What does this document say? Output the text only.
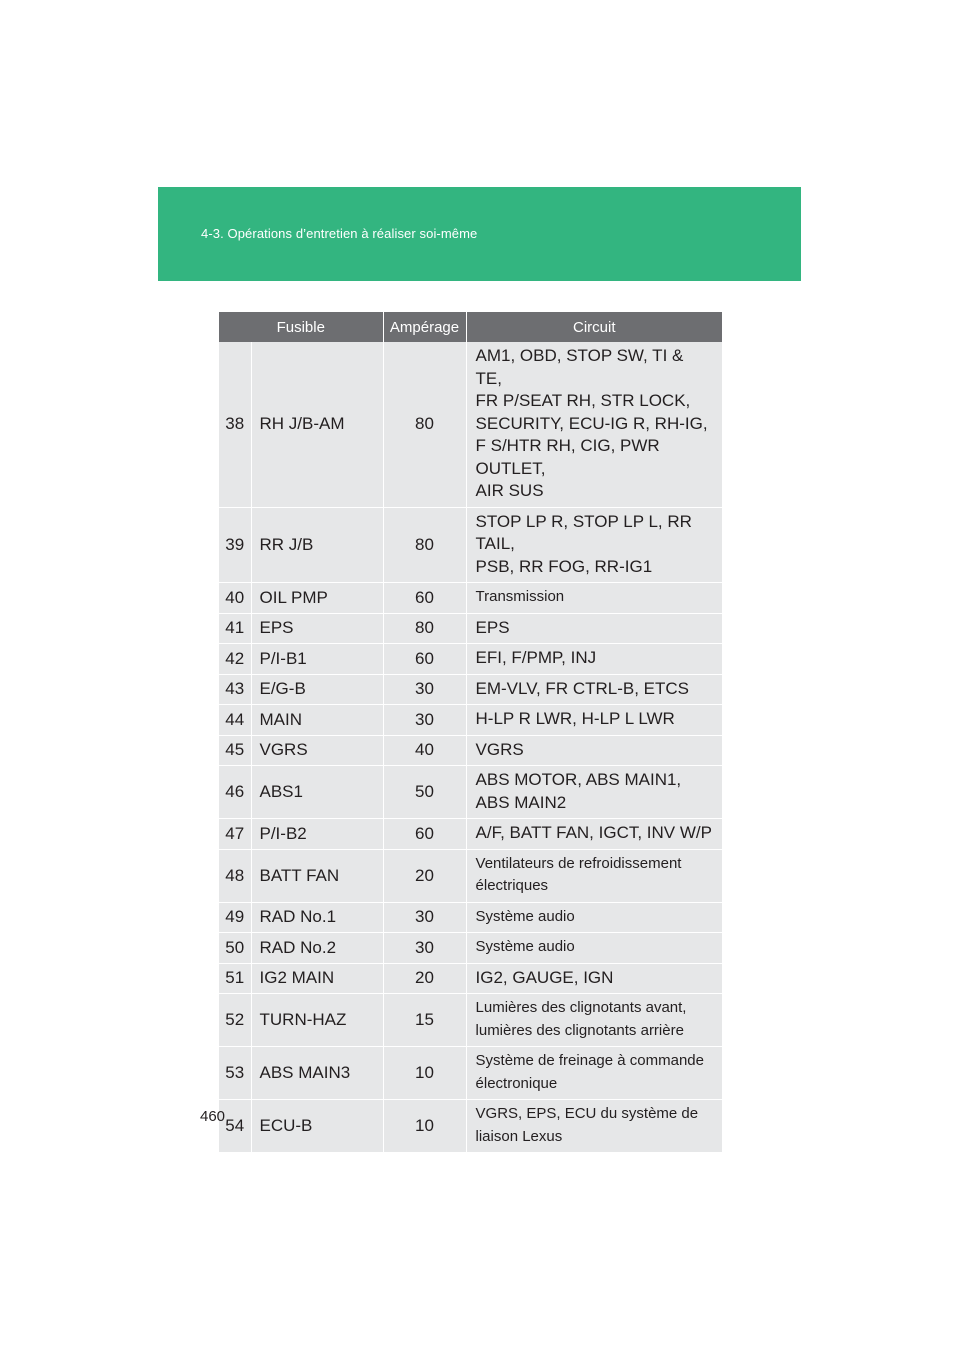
4-3. Opérations d’entretien à réaliser soi-même
Fusible		Ampérage	Circuit
38	RH J/B-AM	80	AM1, OBD, STOP SW, TI & TE,
FR P/SEAT RH, STR LOCK,
SECURITY, ECU-IG R, RH-IG,
F S/HTR RH, CIG, PWR OUTLET,
AIR SUS
39	RR J/B	80	STOP LP R, STOP LP L, RR TAIL,
PSB, RR FOG, RR-IG1
40	OIL PMP	60	Transmission
41	EPS	80	EPS
42	P/I-B1	60	EFI, F/PMP, INJ
43	E/G-B	30	EM-VLV, FR CTRL-B, ETCS
44	MAIN	30	H-LP R LWR, H-LP L LWR
45	VGRS	40	VGRS
46	ABS1	50	ABS MOTOR, ABS MAIN1,
ABS MAIN2
47	P/I-B2	60	A/F, BATT FAN, IGCT, INV W/P
48	BATT FAN	20	Ventilateurs de refroidissement
électriques
49	RAD No.1	30	Système audio
50	RAD No.2	30	Système audio
51	IG2 MAIN	20	IG2, GAUGE, IGN
52	TURN-HAZ	15	Lumières des clignotants avant,
lumières des clignotants arrière
53	ABS MAIN3	10	Système de freinage à commande
électronique
54	ECU-B	10	VGRS, EPS, ECU du système de
liaison Lexus
460
